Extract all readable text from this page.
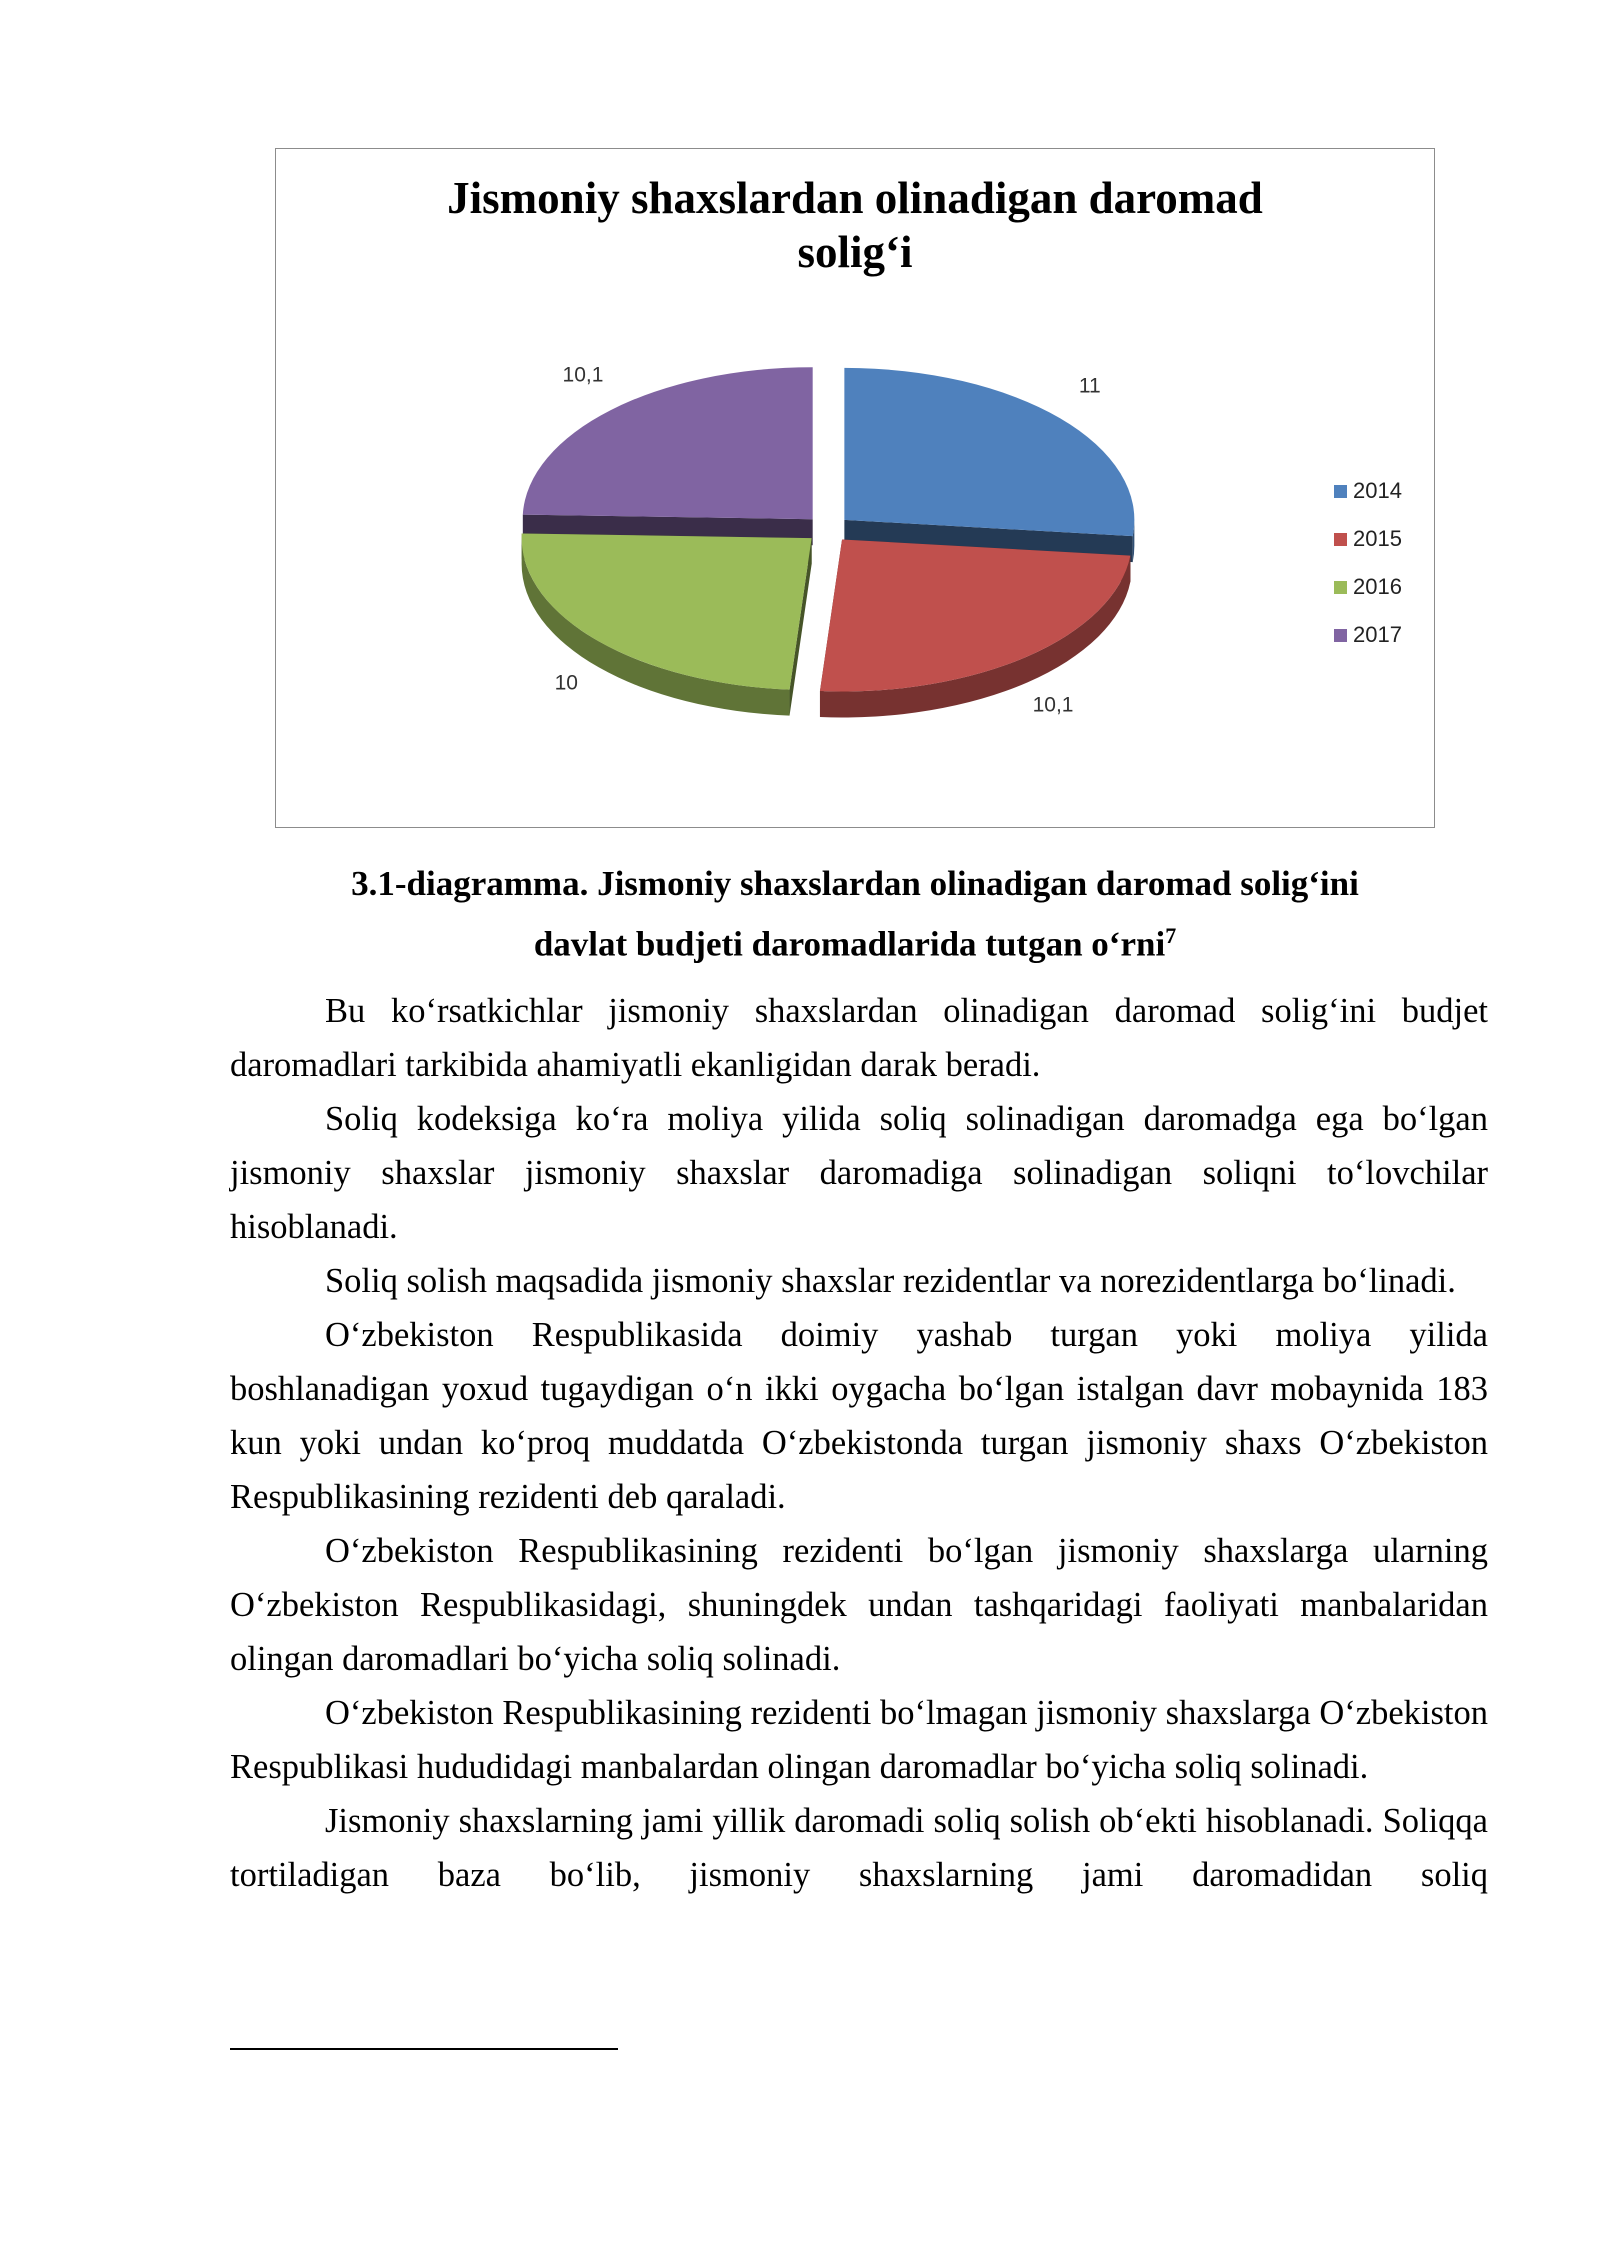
Jismoniy shaxslardan olinadigan daromad
solig‘i
11
10,1
10
10,1
2014
2015
2016
2017
3.1-diagramma. Jismoniy shaxslardan olinadigan daromad solig‘ini
davlat budjeti daromadlarida tutgan o‘rni$^7$

Bu ko‘rsatkichlar jismoniy shaxslardan olinadigan daromad solig‘ini budjet daromadlari tarkibida ahamiyatli ekanligidan darak beradi.

Soliq kodeksiga ko‘ra moliya yilida soliq solinadigan daromadga ega bo‘lgan jismoniy shaxslar jismoniy shaxslar daromadiga solinadigan soliqni to‘lovchilar hisoblanadi.

Soliq solish maqsadida jismoniy shaxslar rezidentlar va norezidentlarga bo‘linadi.

O‘zbekiston Respublikasida doimiy yashab turgan yoki moliya yilida boshlanadigan yoxud tugaydigan o‘n ikki oygacha bo‘lgan istalgan davr mobaynida 183 kun yoki undan ko‘proq muddatda O‘zbekistonda turgan jismoniy shaxs O‘zbekiston Respublikasining rezidenti deb qaraladi.

O‘zbekiston Respublikasining rezidenti bo‘lgan jismoniy shaxslarga ularning O‘zbekiston Respublikasidagi, shuningdek undan tashqaridagi faoliyati manbalaridan olingan daromadlari bo‘yicha soliq solinadi.

O‘zbekiston Respublikasining rezidenti bo‘lmagan jismoniy shaxslarga O‘zbekiston Respublikasi hududidagi manbalardan olingan daromadlar bo‘yicha soliq solinadi.

Jismoniy shaxslarning jami yillik daromadi soliq solish ob‘ekti hisoblanadi. Soliqqa tortiladigan baza bo‘lib, jismoniy shaxslarning jami daromadidan soliq
